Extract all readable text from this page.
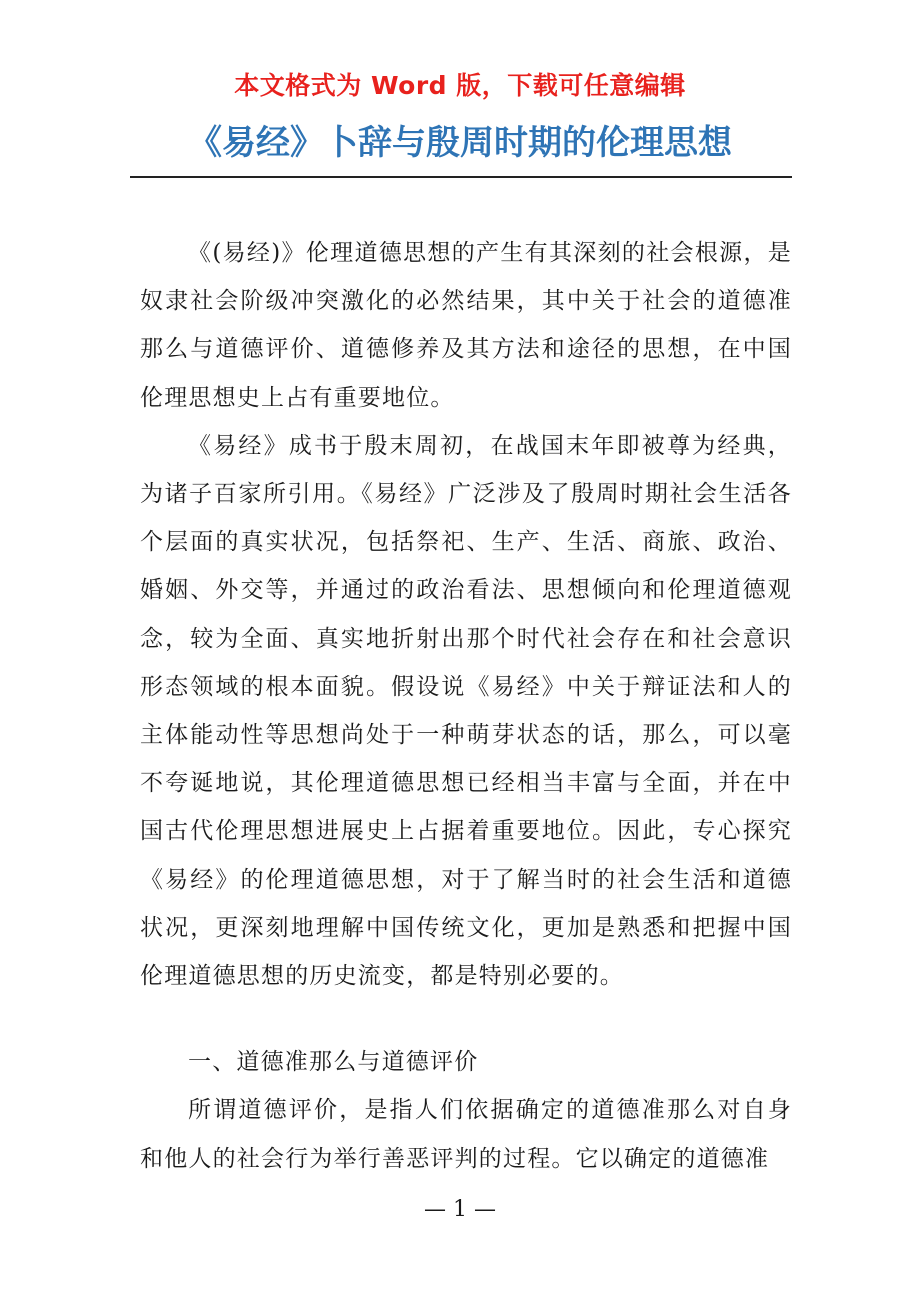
本文格式为 Word 版，下载可任意编辑
《易经》卜辞与殷周时期的伦理思想

《(易经)》伦理道德思想的产生有其深刻的社会根源，是奴隶社会阶级冲突激化的必然结果，其中关于社会的道德准那么与道德评价、道德修养及其方法和途径的思想，在中国伦理思想史上占有重要地位。

《易经》成书于殷末周初，在战国末年即被尊为经典，为诸子百家所引用。《易经》广泛涉及了殷周时期社会生活各个层面的真实状况，包括祭祀、生产、生活、商旅、政治、婚姻、外交等，并通过的政治看法、思想倾向和伦理道德观念，较为全面、真实地折射出那个时代社会存在和社会意识形态领域的根本面貌。假设说《易经》中关于辩证法和人的主体能动性等思想尚处于一种萌芽状态的话，那么，可以毫不夸诞地说，其伦理道德思想已经相当丰富与全面，并在中国古代伦理思想进展史上占据着重要地位。因此，专心探究《易经》的伦理道德思想，对于了解当时的社会生活和道德状况，更深刻地理解中国传统文化，更加是熟悉和把握中国伦理道德思想的历史流变，都是特别必要的。

一、道德准那么与道德评价

所谓道德评价，是指人们依据确定的道德准那么对自身和他人的社会行为举行善恶评判的过程。它以确定的道德准

— 1 —
